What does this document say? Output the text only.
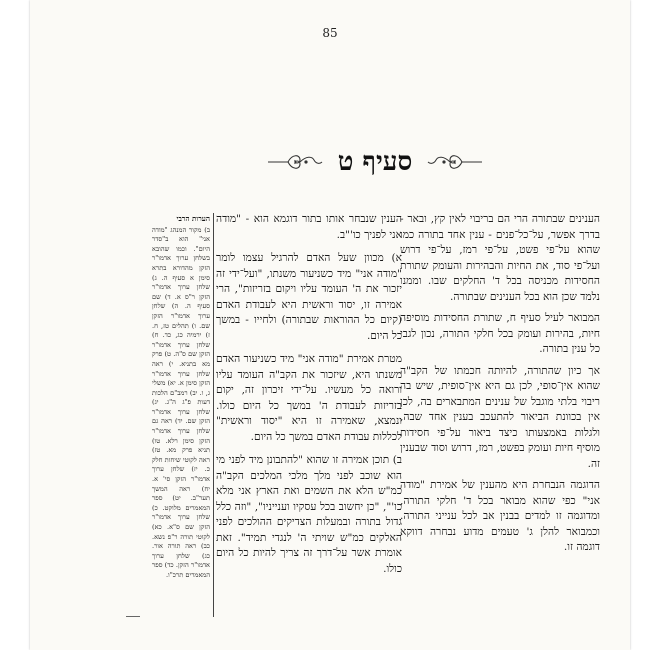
85
סעיף ט

הענינים שבתורה הרי הם בריבוי לאין קץ, ובאר - בדרך אפשר, על־כל־פנים - ענין אחד בתורה כמו שהוא על־פי פשט, על־פי רמז, על־פי דרוש ועל־פי סוד, את החיות והבהירות והעומק שתורת החסידות מכניסה בכל ד' החלקים שבו. וממנו נלמד שכן הוא בכל הענינים שבתורה.

המבואר לעיל סעיף ח, שתורת החסידות מוסיפה חיות, בהירות ועומק בכל חלקי התורה, נכון לגבי כל ענין בתורה.

אך כיון שהתורה, להיותה חכמתו של הקב"ה שהוא אין־סופי, לכן גם היא אין־סופית, שיש בה ריבוי בלתי מוגבל של ענינים המתבארים בה, לכן אין בכוונת הביאור להתעכב בענין אחד שבה, ולגלות באמצעותו כיצד ביאור על־פי חסידות מוסיף חיות ועומק בפשט, רמז, דרוש וסוד שבענין זה.

הדוגמה הנבחרת היא מהענין של אמירת "מודה אני" כפי שהוא מבואר בכל ד' חלקי התורה, ומדוגמה זו למדים בבנין אב לכל ענייני התורה. וכמבואר להלן ג' טעמים מדוע נבחרה דווקא דוגמה זו.

הענין שנבחר אותו בתור דוגמא הוא - "מודה אני לפניך כו'"ב.

א) מכוון שעל האדם להרגיל עצמו לומר "מודה אני" מיד כשניעור משנתו, "ועל־ידי זה יזכור את ה' העומד עליו ויקום בזריזות", הרי אמירה זו, יסוד וראשית היא לעבודת האדם (קיום כל ההוראות שבתורה) ולחייו - במשך כל היום.

מטרת אמירת "מודה אני" מיד כשניעור האדם משנתו היא, שיזכור את הקב"ה העומד עליו ורואה כל מעשיו. על־ידי זיכרון זה, יקום בזריזות לעבודת ה' במשך כל היום כולו. ונמצא, שאמירה זו היא "יסוד וראשית" לכללות עבודת האדם במשך כל היום.

ב) תוכן אמירה זו שהוא "להתבונן מיד לפני מי הוא שוכב לפני מלך מלכי המלכים הקב"ה כמ"ש הלא את השמים ואת הארץ אני מלא כו'", "כן יחשוב בכל עסקיו וענייניו", "וזה כלל גדול בתורה ובמעלות הצדיקים ההולכים לפני האלקים כמ"ש שויתי ה' לנגדי תמיד". זאת אומרת אשר על־דרך זה צריך להיות כל היום כולו.

הערות הרבי

ב) מקור המנהג "מודה אני" הוא ב"סדר היום". וכמו שהובא בשלחן ערוך אדמו"ר הזקן מהדורא בתרא סימן א סעיף ה. ג) שלחן ערוך אדמו"ר הזקן ר"ס א. ד) שם סעיף ה. ה) שלחן ערוך אדמו"ר הזקן שם. ו) תהלים טז, ח. ז) ירמיה כג, כד. ח) שלחן ערוך אדמו"ר הזקן שם ס"ה. ט) פרק מא בתניא. י) ראה שלחן ערוך אדמו"ר הזקן סימן א. יא) משלי ג, ו. יב) רמב"ם הלכות דעות פ"ג ה"ג. יג) שלחן ערוך אדמו"ר הזקן שם. יד) ראה גם שלחן ערוך אדמו"ר הזקן סימן רלא. טו) תניא פרק מא. טז) ראה לקוטי שיחות חלק כ. יז) שלחן ערוך אדמו"ר הזקן סי' א. יח) ראה המשך תער"ב. יט) ספר המאמרים מלוקט. כ) שלחן ערוך אדמו"ר הזקן שם ס"א. כא) לקוטי תורה ר"פ נשא. כב) ראה תורה אור. כג) שלחן ערוך אדמו"ר הזקן. כד) ספר המאמרים תרכ"ו.
